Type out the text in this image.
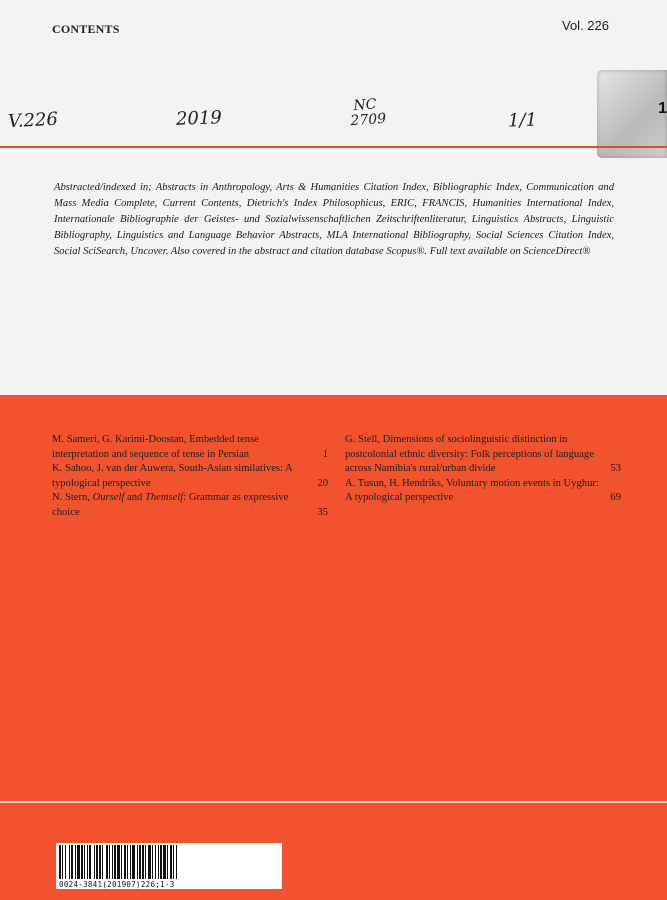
CONTENTS	Vol. 226
V.226	2019
NC
2709	1/1
1
Abstracted/indexed in; Abstracts in Anthropology, Arts & Humanities Citation Index, Bibliographic Index, Communication and Mass Media Complete, Current Contents, Dietrich's Index Philosophicus, ERIC, FRANCIS, Humanities International Index, Internationale Bibliographie der Geistes- und Sozialwissenschaftlichen Zeitschriftenliteratur, Linguistics Abstracts, Linguistic Bibliography, Linguistics and Language Behavior Abstracts, MLA International Bibliography, Social Sciences Citation Index, Social SciSearch, Uncover. Also covered in the abstract and citation database Scopus®. Full text available on ScienceDirect®
M. Sameri, G. Karimi-Doostan, Embedded tense interpretation and sequence of tense in Persian	1
K. Sahoo, J. van der Auwera, South-Asian similatives: A typological perspective	20
N. Stern, Ourself and Themself: Grammar as expressive choice	35
G. Stell, Dimensions of sociolinguistic distinction in postcolonial ethnic diversity: Folk perceptions of language across Namibia's rural/urban divide	53
A. Tusun, H. Hendriks, Voluntary motion events in Uyghur: A typological perspective	69
0024-3841(201907)226;1-3
